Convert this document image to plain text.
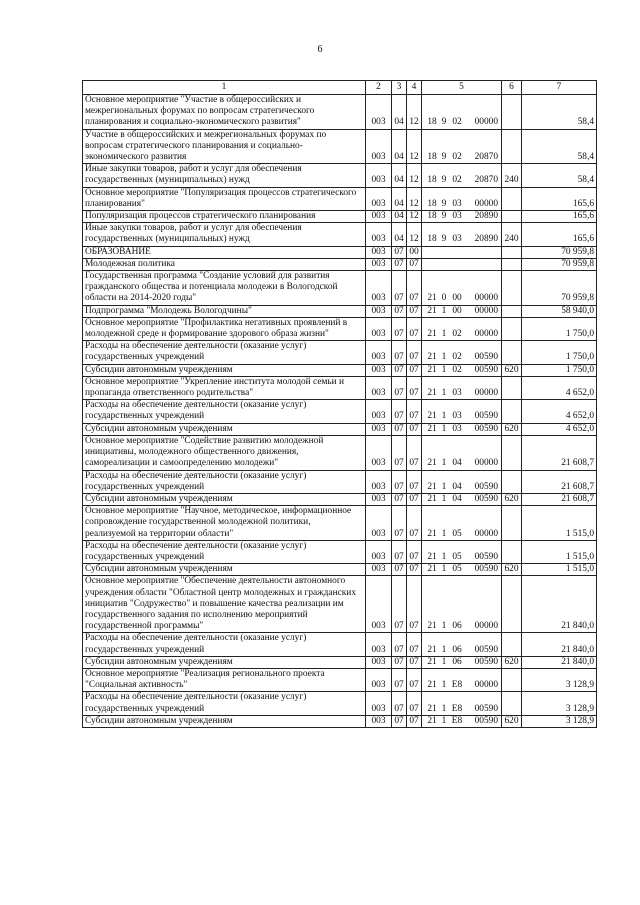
6
1	2	3	4	5	6	7
Основное мероприятие "Участие в общероссийских и межрегиональных форумах по вопросам стратегического планирования и социально-экономического развития"	003	04	12	18 9 02 00000		58,4
Участие в общероссийских и межрегиональных форумах по вопросам стратегического планирования и социально-экономического развития	003	04	12	18 9 02 20870		58,4
Иные закупки товаров, работ и услуг для обеспечения государственных (муниципальных) нужд	003	04	12	18 9 02 20870	240	58,4
Основное мероприятие "Популяризация процессов стратегического планирования"	003	04	12	18 9 03 00000		165,6
Популяризация процессов стратегического планирования	003	04	12	18 9 03 20890		165,6
Иные закупки товаров, работ и услуг для обеспечения государственных (муниципальных) нужд	003	04	12	18 9 03 20890	240	165,6
ОБРАЗОВАНИЕ	003	07	00			70 959,8
Молодежная политика	003	07	07			70 959,8
Государственная программа "Создание условий для развития гражданского общества и потенциала молодежи в Вологодской области на 2014-2020 годы"	003	07	07	21 0 00 00000		70 959,8
Подпрограмма "Молодежь Вологодчины"	003	07	07	21 1 00 00000		58 940,0
Основное мероприятие "Профилактика негативных проявлений в молодежной среде и формирование здорового образа жизни"	003	07	07	21 1 02 00000		1 750,0
Расходы на обеспечение деятельности (оказание услуг) государственных учреждений	003	07	07	21 1 02 00590		1 750,0
Субсидии автономным учреждениям	003	07	07	21 1 02 00590	620	1 750,0
Основное мероприятие "Укрепление института молодой семьи и пропаганда ответственного родительства"	003	07	07	21 1 03 00000		4 652,0
Расходы на обеспечение деятельности (оказание услуг) государственных учреждений	003	07	07	21 1 03 00590		4 652,0
Субсидии автономным учреждениям	003	07	07	21 1 03 00590	620	4 652,0
Основное мероприятие "Содействие развитию молодежной инициативы, молодежного общественного движения, самореализации и самоопределению молодежи"	003	07	07	21 1 04 00000		21 608,7
Расходы на обеспечение деятельности (оказание услуг) государственных учреждений	003	07	07	21 1 04 00590		21 608,7
Субсидии автономным учреждениям	003	07	07	21 1 04 00590	620	21 608,7
Основное мероприятие "Научное, методическое, информационное сопровождение государственной молодежной политики, реализуемой на территории области"	003	07	07	21 1 05 00000		1 515,0
Расходы на обеспечение деятельности (оказание услуг) государственных учреждений	003	07	07	21 1 05 00590		1 515,0
Субсидии автономным учреждениям	003	07	07	21 1 05 00590	620	1 515,0
Основное мероприятие "Обеспечение деятельности автономного учреждения области "Областной центр молодежных и гражданских инициатив "Содружество" и повышение качества реализации им государственного задания по исполнению мероприятий государственной программы"	003	07	07	21 1 06 00000		21 840,0
Расходы на обеспечение деятельности (оказание услуг) государственных учреждений	003	07	07	21 1 06 00590		21 840,0
Субсидии автономным учреждениям	003	07	07	21 1 06 00590	620	21 840,0
Основное мероприятие "Реализация регионального проекта "Социальная активность"	003	07	07	21 1 E8 00000		3 128,9
Расходы на обеспечение деятельности (оказание услуг) государственных учреждений	003	07	07	21 1 E8 00590		3 128,9
Субсидии автономным учреждениям	003	07	07	21 1 E8 00590	620	3 128,9
